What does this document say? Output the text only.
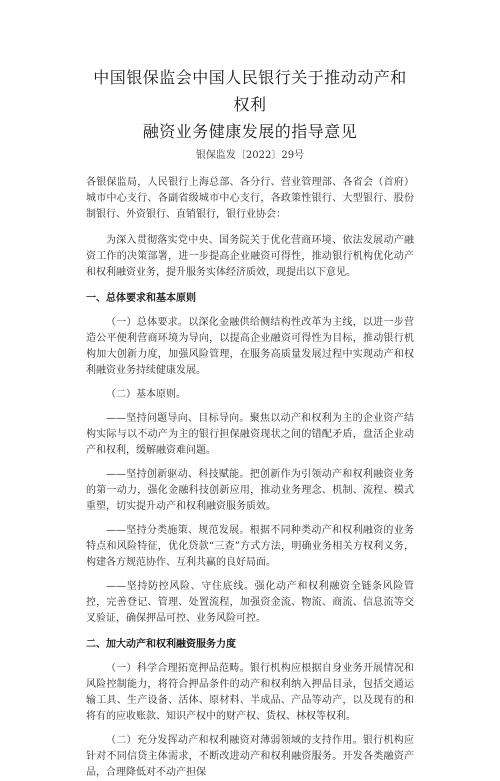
中国银保监会中国人民银行关于推动动产和权利
融资业务健康发展的指导意见
银保监发〔2022〕29号

各银保监局，人民银行上海总部、各分行、营业管理部、各省会（首府）城市中心支行、各副省级城市中心支行，各政策性银行、大型银行、股份制银行、外资银行、直销银行，银行业协会：

为深入贯彻落实党中央、国务院关于优化营商环境、依法发展动产融资工作的决策部署，进一步提高企业融资可得性，推动银行机构优化动产和权利融资业务，提升服务实体经济质效，现提出以下意见。

一、总体要求和基本原则

（一）总体要求。以深化金融供给侧结构性改革为主线，以进一步营造公平便利营商环境为导向，以提高企业融资可得性为目标，推动银行机构加大创新力度，加强风险管理，在服务高质量发展过程中实现动产和权利融资业务持续健康发展。

（二）基本原则。

——坚持问题导向、目标导向。聚焦以动产和权利为主的企业资产结构实际与以不动产为主的银行担保融资现状之间的错配矛盾，盘活企业动产和权利，缓解融资难问题。

——坚持创新驱动、科技赋能。把创新作为引领动产和权利融资业务的第一动力，强化金融科技创新应用，推动业务理念、机制、流程、模式重塑，切实提升动产和权利融资服务质效。

——坚持分类施策、规范发展。根据不同种类动产和权利融资的业务特点和风险特征，优化贷款“三查”方式方法，明确业务相关方权利义务，构建各方规范协作、互利共赢的良好局面。

——坚持防控风险、守住底线。强化动产和权利融资全链条风险管控，完善登记、管理、处置流程，加强资金流、物流、商流、信息流等交叉验证，确保押品可控、业务风险可控。

二、加大动产和权利融资服务力度

（一）科学合理拓宽押品范畴。银行机构应根据自身业务开展情况和风险控制能力，将符合押品条件的动产和权利纳入押品目录，包括交通运输工具、生产设备、活体、原材料、半成品、产品等动产，以及现有的和将有的应收账款、知识产权中的财产权、货权、林权等权利。

（二）充分发挥动产和权利融资对薄弱领域的支持作用。银行机构应针对不同信贷主体需求，不断改进动产和权利融资服务。开发各类融资产品，合理降低对不动产担保
